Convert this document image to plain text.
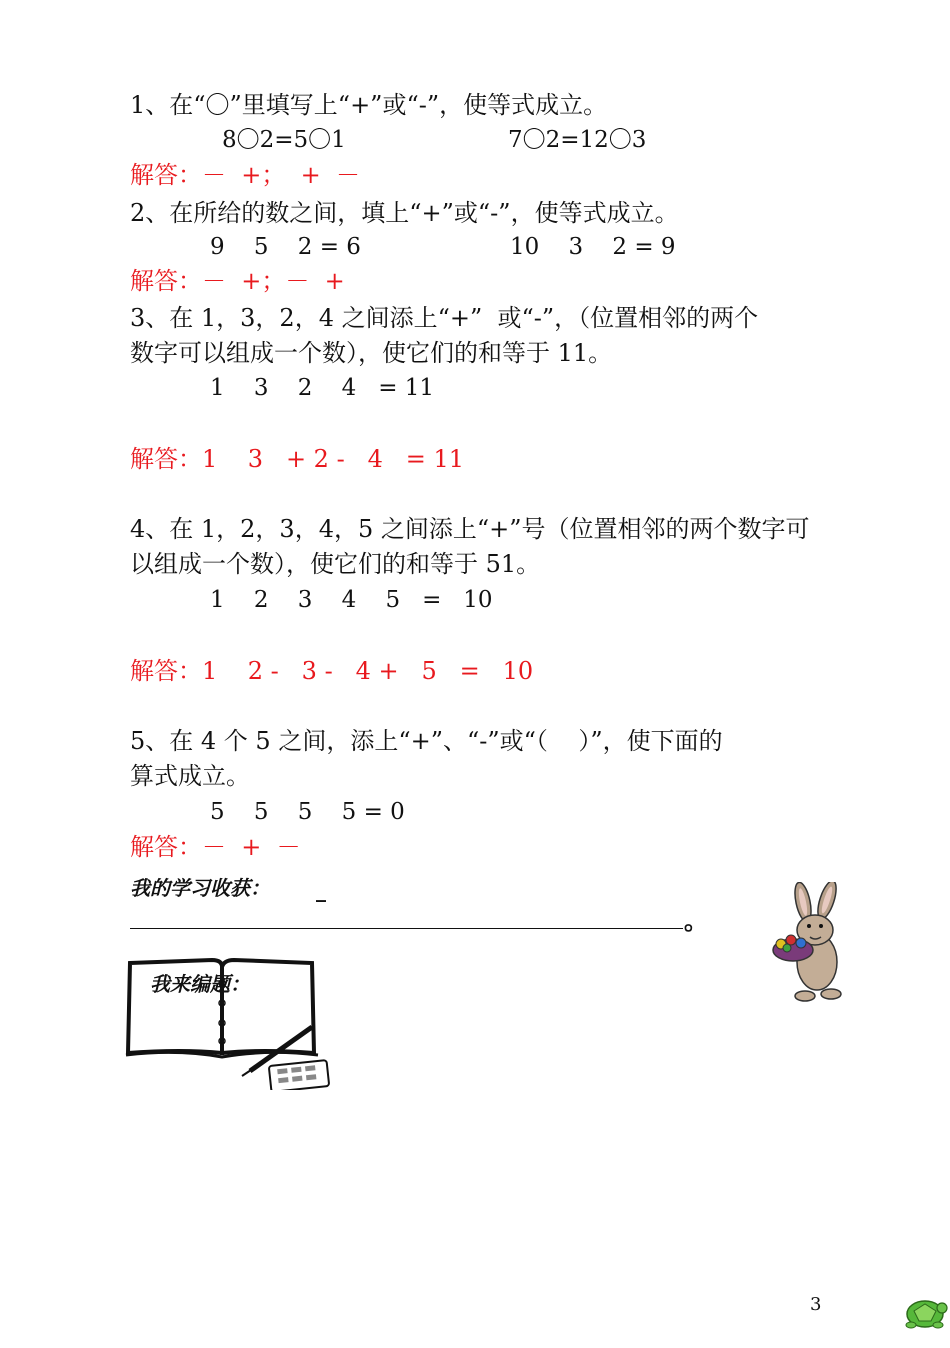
1、在“〇”里填写上“+”或“-”，使等式成立。
8〇2=5〇1	7〇2=12〇3
解答：－  +；  +  －
2、在所给的数之间，填上“+”或“-”，使等式成立。
9    5    2 = 6	10    3    2 = 9
解答：－  +；－  +
3、在 1，3，2，4 之间添上“+”  或“-”，（位置相邻的两个
数字可以组成一个数），使它们的和等于 11。
1    3    2    4   = 11
解答：1    3   + 2 -   4   = 11
4、在 1，2，3，4，5 之间添上“+”号（位置相邻的两个数字可
以组成一个数），使它们的和等于 51。
1    2    3    4    5   =   10
解答：1    2 -   3 -   4 +   5   =   10
5、在 4 个 5 之间，添上“+”、“-”或“（    ）”，使下面的
算式成立。
5    5    5    5 = 0
解答：－  +  －
我的学习收获： _
。
我来编题：
3
